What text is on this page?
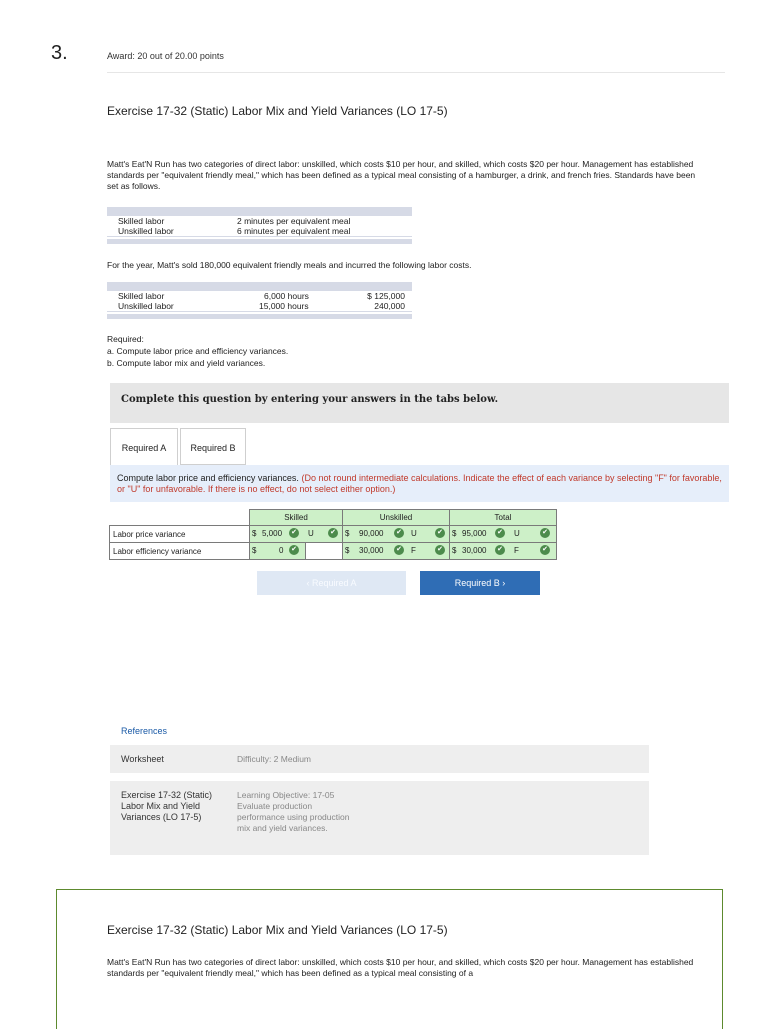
3.	Award: 20 out of 20.00 points
Exercise 17-32 (Static) Labor Mix and Yield Variances (LO 17-5)
Matt's Eat'N Run has two categories of direct labor: unskilled, which costs $10 per hour, and skilled, which costs $20 per hour. Management has established standards per "equivalent friendly meal," which has been defined as a typical meal consisting of a hamburger, a drink, and french fries. Standards have been set as follows.
Skilled labor	2 minutes per equivalent meal
Unskilled labor	6 minutes per equivalent meal
For the year, Matt's sold 180,000 equivalent friendly meals and incurred the following labor costs.
Skilled labor	6,000 hours	$ 125,000
Unskilled labor	15,000 hours	240,000
Required:
a. Compute labor price and efficiency variances.
b. Compute labor mix and yield variances.
Complete this question by entering your answers in the tabs below.
Required A	Required B
Compute labor price and efficiency variances. (Do not round intermediate calculations. Indicate the effect of each variance by selecting "F" for favorable, or "U" for unfavorable. If there is no effect, do not select either option.)
	Skilled	Unskilled	Total
Labor price variance	$ 5,000 ✔ U ✔	$ 90,000 ✔ U ✔	$ 95,000 ✔ U ✔

Labor efficiency variance	$ 0 ✔	$ 30,000 ✔ F ✔	$ 30,000 ✔ F ✔
‹ Required A	Required B ›
References
Worksheet	Difficulty: 2 Medium
Exercise 17-32 (Static) Labor Mix and Yield Variances (LO 17-5)
Learning Objective: 17-05 Evaluate production performance using production mix and yield variances.
Exercise 17-32 (Static) Labor Mix and Yield Variances (LO 17-5)
Matt's Eat'N Run has two categories of direct labor: unskilled, which costs $10 per hour, and skilled, which costs $20 per hour. Management has established standards per "equivalent friendly meal," which has been defined as a typical meal consisting of a
